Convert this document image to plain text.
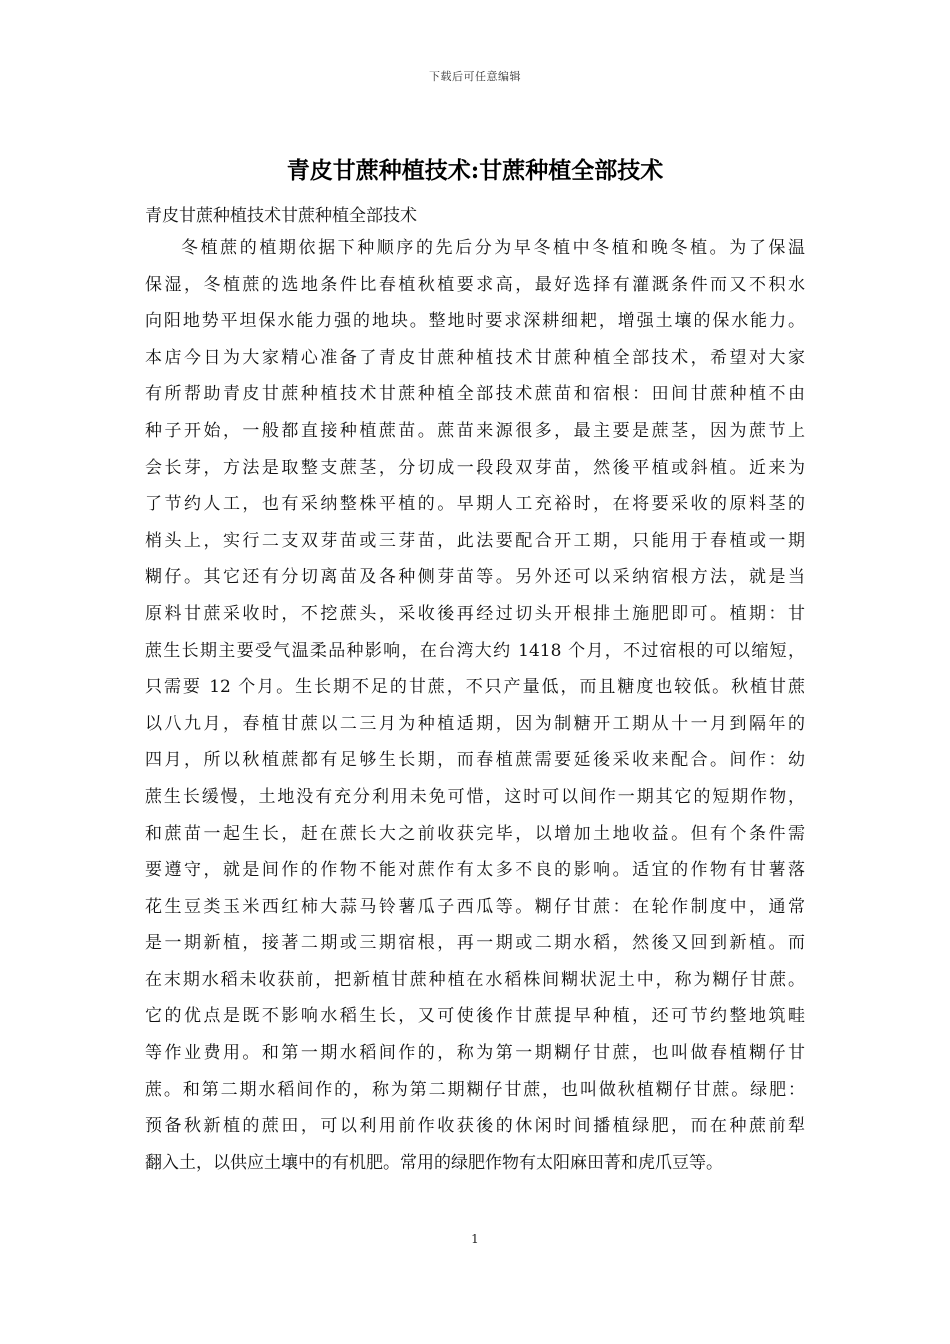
下载后可任意编辑
青皮甘蔗种植技术:甘蔗种植全部技术

青皮甘蔗种植技术甘蔗种植全部技术

冬植蔗的植期依据下种顺序的先后分为早冬植中冬植和晚冬植。为了保温
保湿，冬植蔗的选地条件比春植秋植要求高，最好选择有灌溉条件而又不积水
向阳地势平坦保水能力强的地块。整地时要求深耕细耙，增强土壤的保水能力。
本店今日为大家精心准备了青皮甘蔗种植技术甘蔗种植全部技术，希望对大家
有所帮助青皮甘蔗种植技术甘蔗种植全部技术蔗苗和宿根：田间甘蔗种植不由
种子开始，一般都直接种植蔗苗。蔗苗来源很多，最主要是蔗茎，因为蔗节上
会长芽，方法是取整支蔗茎，分切成一段段双芽苗，然後平植或斜植。近来为
了节约人工，也有采纳整株平植的。早期人工充裕时，在将要采收的原料茎的
梢头上，实行二支双芽苗或三芽苗，此法要配合开工期，只能用于春植或一期
糊仔。其它还有分切离苗及各种侧芽苗等。另外还可以采纳宿根方法，就是当
原料甘蔗采收时，不挖蔗头，采收後再经过切头开根排土施肥即可。植期：甘
蔗生长期主要受气温柔品种影响，在台湾大约 1418 个月，不过宿根的可以缩短，
只需要 12 个月。生长期不足的甘蔗，不只产量低，而且糖度也较低。秋植甘蔗
以八九月，春植甘蔗以二三月为种植适期，因为制糖开工期从十一月到隔年的
四月，所以秋植蔗都有足够生长期，而春植蔗需要延後采收来配合。间作：幼
蔗生长缓慢，土地没有充分利用未免可惜，这时可以间作一期其它的短期作物，
和蔗苗一起生长，赶在蔗长大之前收获完毕，以增加土地收益。但有个条件需
要遵守，就是间作的作物不能对蔗作有太多不良的影响。适宜的作物有甘薯落
花生豆类玉米西红柿大蒜马铃薯瓜子西瓜等。糊仔甘蔗：在轮作制度中，通常
是一期新植，接著二期或三期宿根，再一期或二期水稻，然後又回到新植。而
在末期水稻未收获前，把新植甘蔗种植在水稻株间糊状泥土中，称为糊仔甘蔗。
它的优点是既不影响水稻生长，又可使後作甘蔗提早种植，还可节约整地筑畦
等作业费用。和第一期水稻间作的，称为第一期糊仔甘蔗，也叫做春植糊仔甘
蔗。和第二期水稻间作的，称为第二期糊仔甘蔗，也叫做秋植糊仔甘蔗。绿肥：
预备秋新植的蔗田，可以利用前作收获後的休闲时间播植绿肥，而在种蔗前犁
翻入土，以供应土壤中的有机肥。常用的绿肥作物有太阳麻田菁和虎爪豆等。
1
